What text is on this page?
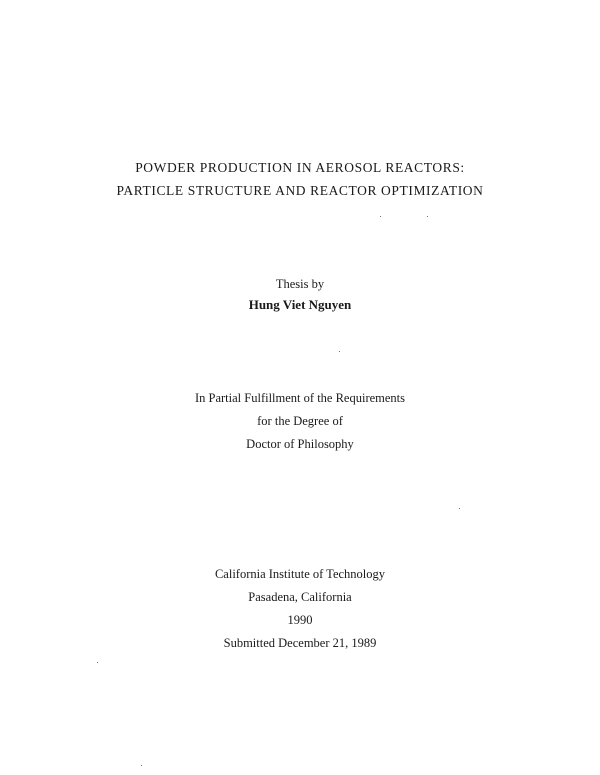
POWDER PRODUCTION IN AEROSOL REACTORS:
PARTICLE STRUCTURE AND REACTOR OPTIMIZATION
Thesis by
Hung Viet Nguyen
In Partial Fulfillment of the Requirements
for the Degree of
Doctor of Philosophy
California Institute of Technology
Pasadena, California
1990
Submitted December 21, 1989
